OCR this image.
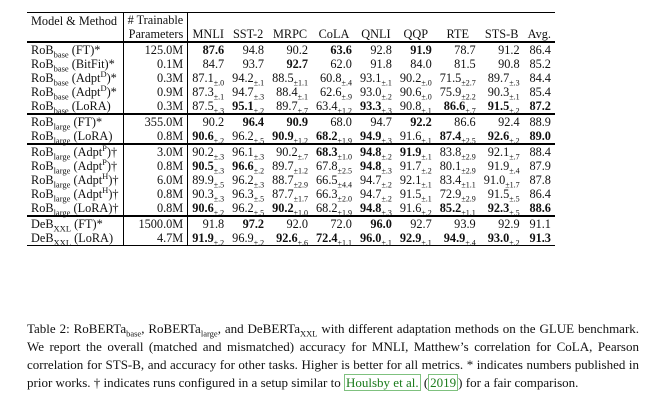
Model & Method	# Trainable
Parameters	MNLI	SST-2	MRPC	CoLA	QNLI	QQP	RTE	STS-B	Avg.
RoB$_{base}$ (FT)*	125.0M	87.6	94.8	90.2	63.6	92.8	91.9	78.7	91.2	86.4
RoB$_{base}$ (BitFit)*	0.1M	84.7	93.7	92.7	62.0	91.8	84.0	81.5	90.8	85.2
RoB$_{base}$ (Adpt$^D$)*	0.3M	$87.1_{\pm.0}$	$94.2_{\pm.1}$	$88.5_{\pm 1.1}$	$60.8_{\pm.4}$	$93.1_{\pm.1}$	$90.2_{\pm.0}$	$71.5_{\pm 2.7}$	$89.7_{\pm.3}$	84.4
RoB$_{base}$ (Adpt$^D$)*	0.9M	$87.3_{\pm.1}$	$94.7_{\pm.3}$	$88.4_{\pm.1}$	$62.6_{\pm.9}$	$93.0_{\pm.2}$	$90.6_{\pm.0}$	$75.9_{\pm 2.2}$	$90.3_{\pm.1}$	85.4
RoB$_{base}$ (LoRA)	0.3M	$87.5_{\pm.3}$	$95.1_{\pm.2}$	$89.7_{\pm.7}$	$63.4_{\pm 1.2}$	$93.3_{\pm.3}$	$90.8_{\pm.1}$	$86.6_{\pm.7}$	$91.5_{\pm.2}$	87.2
RoB$_{large}$ (FT)*	355.0M	90.2	96.4	90.9	68.0	94.7	92.2	86.6	92.4	88.9
RoB$_{large}$ (LoRA)	0.8M	$90.6_{\pm.2}$	$96.2_{\pm.5}$	$90.9_{\pm 1.2}$	$68.2_{\pm 1.9}$	$94.9_{\pm.3}$	$91.6_{\pm.1}$	$87.4_{\pm 2.5}$	$92.6_{\pm.2}$	89.0
RoB$_{large}$ (Adpt$^P$)†	3.0M	$90.2_{\pm.3}$	$96.1_{\pm.3}$	$90.2_{\pm.7}$	$68.3_{\pm 1.0}$	$94.8_{\pm.2}$	$91.9_{\pm.1}$	$83.8_{\pm 2.9}$	$92.1_{\pm.7}$	88.4
RoB$_{large}$ (Adpt$^P$)†	0.8M	$90.5_{\pm.3}$	$96.6_{\pm.2}$	$89.7_{\pm 1.2}$	$67.8_{\pm 2.5}$	$94.8_{\pm.3}$	$91.7_{\pm.2}$	$80.1_{\pm 2.9}$	$91.9_{\pm.4}$	87.9
RoB$_{large}$ (Adpt$^H$)†	6.0M	$89.9_{\pm.5}$	$96.2_{\pm.3}$	$88.7_{\pm 2.9}$	$66.5_{\pm 4.4}$	$94.7_{\pm.2}$	$92.1_{\pm.1}$	$83.4_{\pm 1.1}$	$91.0_{\pm 1.7}$	87.8
RoB$_{large}$ (Adpt$^H$)†	0.8M	$90.3_{\pm.3}$	$96.3_{\pm.5}$	$87.7_{\pm 1.7}$	$66.3_{\pm 2.0}$	$94.7_{\pm.2}$	$91.5_{\pm.1}$	$72.9_{\pm 2.9}$	$91.5_{\pm.5}$	86.4
RoB$_{large}$ (LoRA)†	0.8M	$90.6_{\pm.2}$	$96.2_{\pm.5}$	$90.2_{\pm 1.0}$	$68.2_{\pm 1.9}$	$94.8_{\pm.3}$	$91.6_{\pm.2}$	$85.2_{\pm 1.1}$	$92.3_{\pm.5}$	88.6
DeB$_{XXL}$ (FT)*	1500.0M	91.8	97.2	92.0	72.0	96.0	92.7	93.9	92.9	91.1
DeB$_{XXL}$ (LoRA)	4.7M	$91.9_{\pm.2}$	$96.9_{\pm.2}$	$92.6_{\pm.6}$	$72.4_{\pm 1.1}$	$96.0_{\pm.1}$	$92.9_{\pm.1}$	$94.9_{\pm.4}$	$93.0_{\pm.2}$	91.3
Table 2: RoBERTa$_{base}$, RoBERTa$_{large}$, and DeBERTa$_{XXL}$ with different adaptation methods on the GLUE benchmark. We report the overall (matched and mismatched) accuracy for MNLI, Matthew’s correlation for CoLA, Pearson correlation for STS-B, and accuracy for other tasks. Higher is better for all metrics. * indicates numbers published in prior works. † indicates runs configured in a setup similar to Houlsby et al. ( 2019 ) for a fair comparison.
